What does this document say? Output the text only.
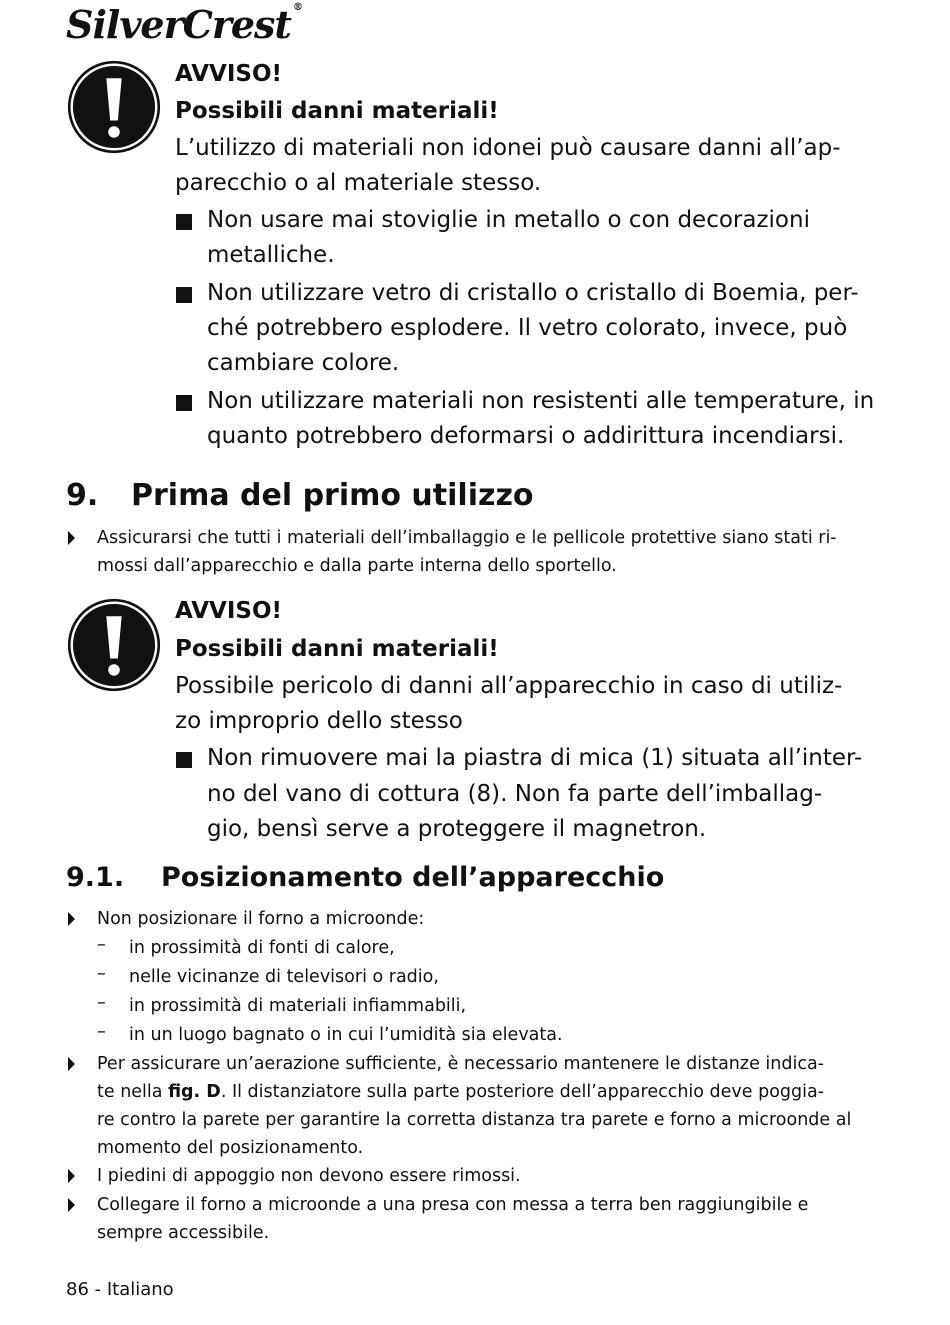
SilverCrest ®
AVVISO!
Possibili danni materiali!
L’utilizzo di materiali non idonei può causare danni all’ap-
parecchio o al materiale stesso.
Non usare mai stoviglie in metallo o con decorazioni
metalliche.
Non utilizzare vetro di cristallo o cristallo di Boemia, per-
ché potrebbero esplodere. Il vetro colorato, invece, può
cambiare colore.
Non utilizzare materiali non resistenti alle temperature, in
quanto potrebbero deformarsi o addirittura incendiarsi.
9. Prima del primo utilizzo
Assicurarsi che tutti i materiali dell’imballaggio e le pellicole protettive siano stati ri-
mossi dall’apparecchio e dalla parte interna dello sportello.
AVVISO!
Possibili danni materiali!
Possibile pericolo di danni all’apparecchio in caso di utiliz-
zo improprio dello stesso
Non rimuovere mai la piastra di mica (1) situata all’inter-
no del vano di cottura (8). Non fa parte dell’imballag-
gio, bensì serve a proteggere il magnetron.
9.1. Posizionamento dell’apparecchio
Non posizionare il forno a microonde:
– in prossimità di fonti di calore,
– nelle vicinanze di televisori o radio,
– in prossimità di materiali infiammabili,
– in un luogo bagnato o in cui l’umidità sia elevata.
Per assicurare un’aerazione sufficiente, è necessario mantenere le distanze indica-
te nella fig. D. Il distanziatore sulla parte posteriore dell’apparecchio deve poggia-
re contro la parete per garantire la corretta distanza tra parete e forno a microonde al
momento del posizionamento.
I piedini di appoggio non devono essere rimossi.
Collegare il forno a microonde a una presa con messa a terra ben raggiungibile e
sempre accessibile.
86 - Italiano
